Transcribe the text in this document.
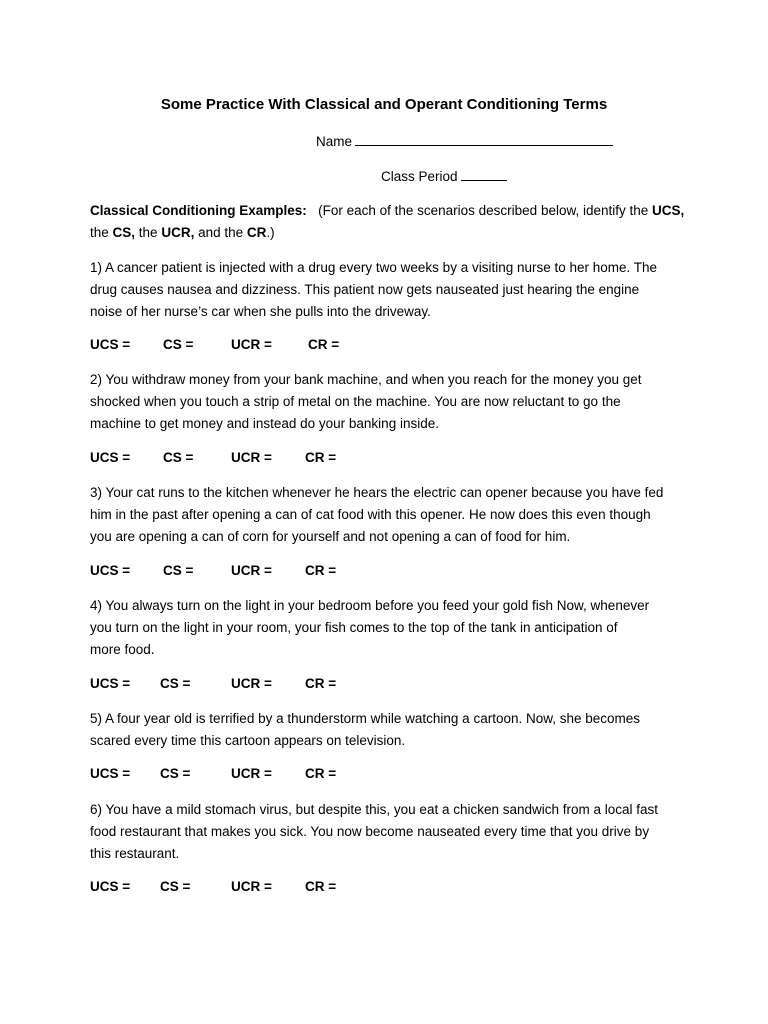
Some Practice With Classical and Operant Conditioning Terms
Name
Class Period
Classical Conditioning Examples: (For each of the scenarios described below, identify the UCS,
the CS, the UCR, and the CR.)
1) A cancer patient is injected with a drug every two weeks by a visiting nurse to her home. The
drug causes nausea and dizziness. This patient now gets nauseated just hearing the engine
noise of her nurse’s car when she pulls into the driveway.
UCS = CS =	UCR =	CR =
2) You withdraw money from your bank machine, and when you reach for the money you get
shocked when you touch a strip of metal on the machine. You are now reluctant to go the
machine to get money and instead do your banking inside.
UCS = CS =	UCR = CR =
3) Your cat runs to the kitchen whenever he hears the electric can opener because you have fed
him in the past after opening a can of cat food with this opener. He now does this even though
you are opening a can of corn for yourself and not opening a can of food for him.
UCS = CS =	UCR = CR =
4) You always turn on the light in your bedroom before you feed your gold fish Now, whenever
you turn on the light in your room, your fish comes to the top of the tank in anticipation of
more food.
UCS = CS =	UCR = CR =
5) A four year old is terrified by a thunderstorm while watching a cartoon. Now, she becomes
scared every time this cartoon appears on television.
UCS = CS =	UCR = CR =
6) You have a mild stomach virus, but despite this, you eat a chicken sandwich from a local fast
food restaurant that makes you sick. You now become nauseated every time that you drive by
this restaurant.
UCS = CS =	UCR = CR =
